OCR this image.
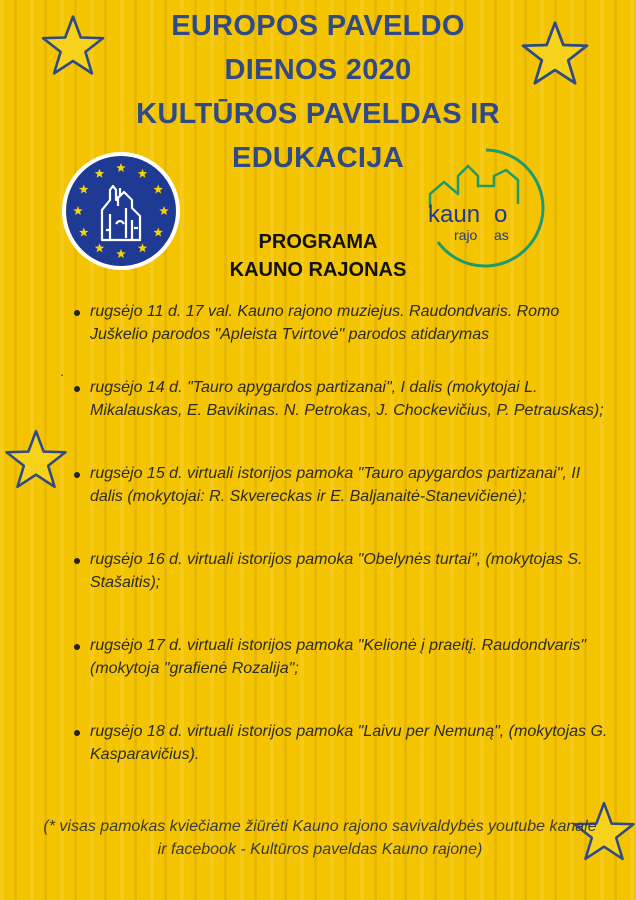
EUROPOS PAVELDO
DIENOS 2020
KULTŪROS PAVELDAS IR
EDUKACIJA
kaun o
rajo as
PROGRAMA
KAUNO RAJONAS
rugsėjo 11 d. 17 val. Kauno rajono muziejus. Raudondvaris. Romo Juškelio parodos "Apleista Tvirtovė" parodos atidarymas
rugsėjo 14 d. "Tauro apygardos partizanai", I dalis (mokytojai L. Mikalauskas, E. Bavikinas. N. Petrokas, J. Chockevičius, P. Petrauskas);
rugsėjo 15 d. virtuali istorijos pamoka "Tauro apygardos partizanai", II dalis (mokytojai: R. Skvereckas ir E. Baljanaitė-Stanevičienė);
rugsėjo 16 d. virtuali istorijos pamoka "Obelynės turtai", (mokytojas S. Stašaitis);
rugsėjo 17 d. virtuali istorijos pamoka "Kelionė į praeitį. Raudondvaris" (mokytoja "grafienė Rozalija";
rugsėjo 18 d. virtuali istorijos pamoka "Laivu per Nemuną", (mokytojas G. Kasparavičius).
.
(* visas pamokas kviečiame žiūrėti Kauno rajono savivaldybės youtube kanale ir facebook - Kultūros paveldas Kauno rajone)
